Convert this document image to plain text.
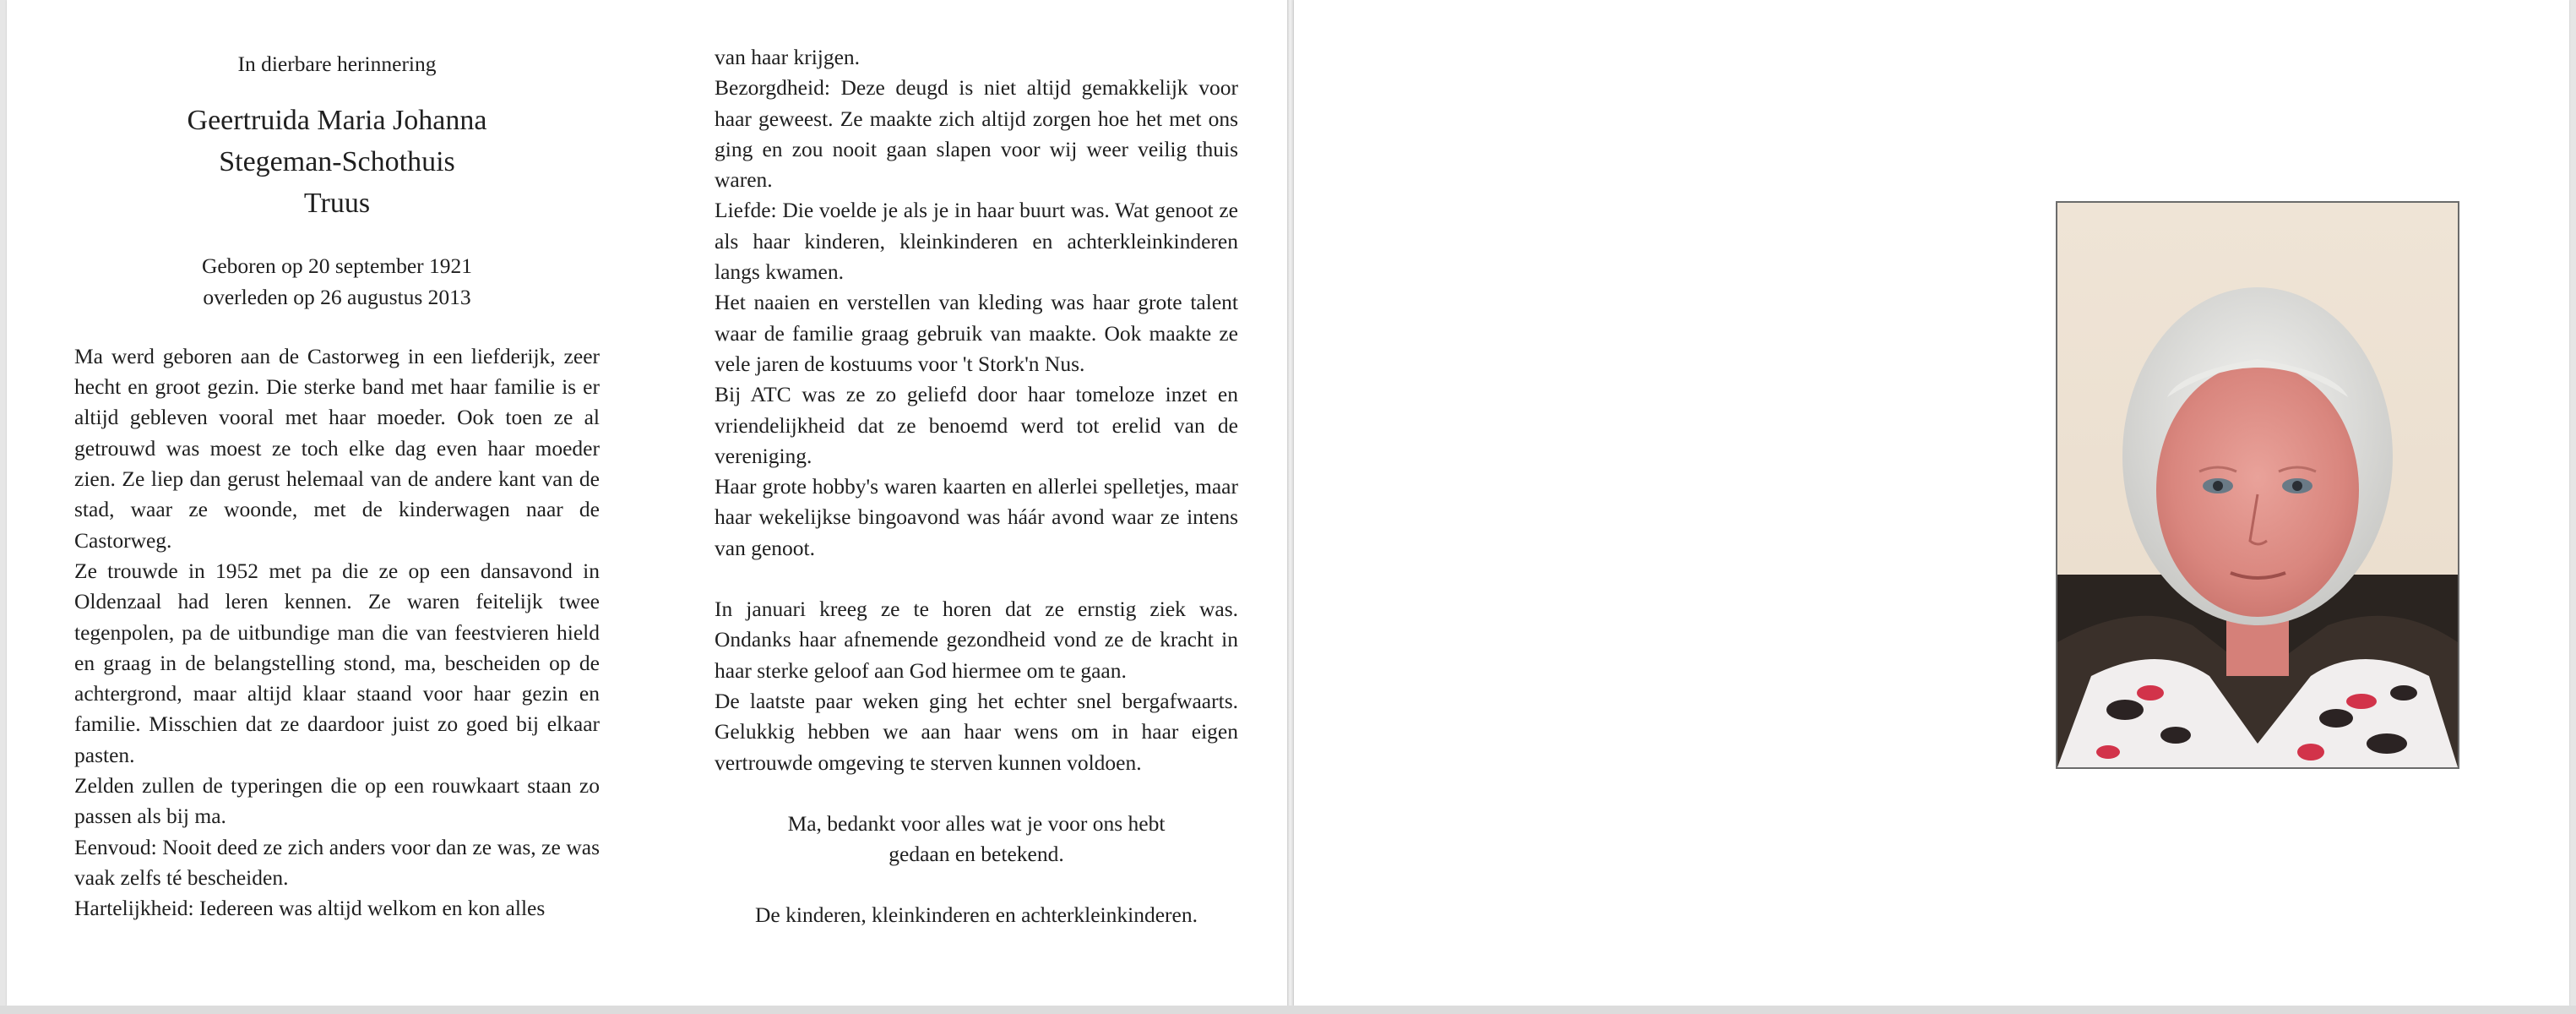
In dierbare herinnering
Geertruida Maria Johanna
Stegeman-Schothuis
Truus
Geboren op 20 september 1921
overleden op 26 augustus 2013

Ma werd geboren aan de Castorweg in een liefderijk, zeer hecht en groot gezin. Die sterke band met haar familie is er altijd gebleven vooral met haar moeder. Ook toen ze al getrouwd was moest ze toch elke dag even haar moeder zien. Ze liep dan gerust helemaal van de andere kant van de stad, waar ze woonde, met de kinderwagen naar de Castorweg.

Ze trouwde in 1952 met pa die ze op een dansavond in Oldenzaal had leren kennen. Ze waren feitelijk twee tegenpolen, pa de uitbundige man die van feestvieren hield en graag in de belangstelling stond, ma, bescheiden op de achtergrond, maar altijd klaar staand voor haar gezin en familie. Misschien dat ze daardoor juist zo goed bij elkaar pasten.

Zelden zullen de typeringen die op een rouwkaart staan zo passen als bij ma.

Eenvoud: Nooit deed ze zich anders voor dan ze was, ze was vaak zelfs té bescheiden.

Hartelijkheid: Iedereen was altijd welkom en kon alles

van haar krijgen.

Bezorgdheid: Deze deugd is niet altijd gemakkelijk voor haar geweest. Ze maakte zich altijd zorgen hoe het met ons ging en zou nooit gaan slapen voor wij weer veilig thuis waren.

Liefde: Die voelde je als je in haar buurt was. Wat genoot ze als haar kinderen, kleinkinderen en achterkleinkinderen langs kwamen.

Het naaien en verstellen van kleding was haar grote talent waar de familie graag gebruik van maakte. Ook maakte ze vele jaren de kostuums voor 't Stork'n Nus.

Bij ATC was ze zo geliefd door haar tomeloze inzet en vriendelijkheid dat ze benoemd werd tot erelid van de vereniging.

Haar grote hobby's waren kaarten en allerlei spelletjes, maar haar wekelijkse bingoavond was háár avond waar ze intens van genoot.

In januari kreeg ze te horen dat ze ernstig ziek was. Ondanks haar afnemende gezondheid vond ze de kracht in haar sterke geloof aan God hiermee om te gaan.

De laatste paar weken ging het echter snel bergafwaarts. Gelukkig hebben we aan haar wens om in haar eigen vertrouwde omgeving te sterven kunnen voldoen.

Ma, bedankt voor alles wat je voor ons hebt
gedaan en betekend.
De kinderen, kleinkinderen en achterkleinkinderen.
